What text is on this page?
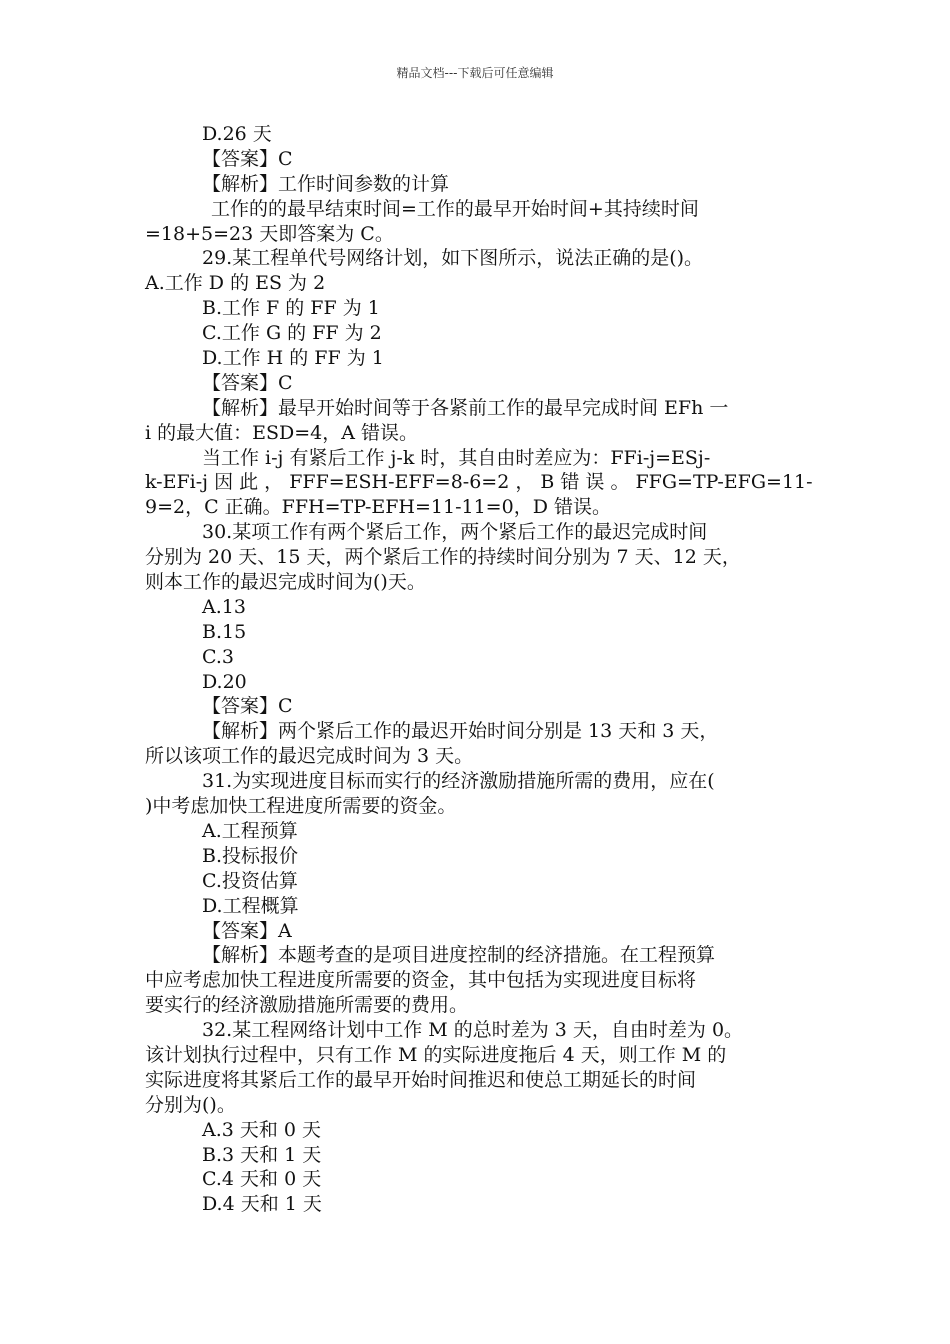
精品文档---下载后可任意编辑
D.26 天
【答案】C
【解析】工作时间参数的计算
工作的的最早结束时间=工作的最早开始时间+其持续时间
=18+5=23 天即答案为 C。
29.某工程单代号网络计划，如下图所示，说法正确的是()。
A.工作 D 的 ES 为 2
B.工作 F 的 FF 为 1
C.工作 G 的 FF 为 2
D.工作 H 的 FF 为 1
【答案】C
【解析】最早开始时间等于各紧前工作的最早完成时间 EFh 一
i 的最大值：ESD=4，A 错误。
当工作 i-j 有紧后工作 j-k 时，其自由时差应为：FFi-j=ESj-
k-EFi-j 因 此 ， FFF=ESH-EFF=8-6=2 ， B 错 误 。 FFG=TP-EFG=11-
9=2，C 正确。FFH=TP-EFH=11-11=0，D 错误。
30.某项工作有两个紧后工作，两个紧后工作的最迟完成时间
分别为 20 天、15 天，两个紧后工作的持续时间分别为 7 天、12 天，
则本工作的最迟完成时间为()天。
A.13
B.15
C.3
D.20
【答案】C
【解析】两个紧后工作的最迟开始时间分别是 13 天和 3 天，
所以该项工作的最迟完成时间为 3 天。
31.为实现进度目标而实行的经济激励措施所需的费用，应在(
)中考虑加快工程进度所需要的资金。
A.工程预算
B.投标报价
C.投资估算
D.工程概算
【答案】A
【解析】本题考查的是项目进度控制的经济措施。在工程预算
中应考虑加快工程进度所需要的资金，其中包括为实现进度目标将
要实行的经济激励措施所需要的费用。
32.某工程网络计划中工作 M 的总时差为 3 天，自由时差为 0。
该计划执行过程中，只有工作 M 的实际进度拖后 4 天，则工作 M 的
实际进度将其紧后工作的最早开始时间推迟和使总工期延长的时间
分别为()。
A.3 天和 0 天
B.3 天和 1 天
C.4 天和 0 天
D.4 天和 1 天
